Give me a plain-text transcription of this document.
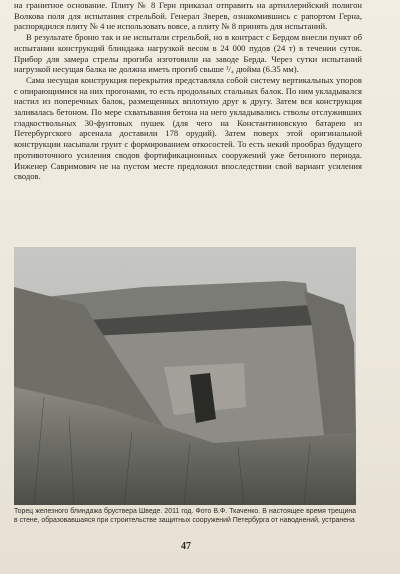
на гранитное основание. Плиту № 8 Герн приказал отправить на артиллерийский полигон Волкова поля для испытания стрельбой. Генерал Зверев, ознакомившись с рапортом Герна, распорядился плиту № 4 не использовать вовсе, а плиту № 8 принять для испытаний.

В результате броню так и не испытали стрельбой, но в контраст с Бердом внесли пункт об испытании конструкций блиндажа нагрузкой весом в 24 000 пудов (24 т) в течении суток. Прибор для замера стрелы прогиба изготовили на заводе Берда. Через сутки испытаний нагрузкой несущая балка не должна иметь прогиб свыше ¹/₄ дюйма (6.35 мм).

Сама несущая конструкция перекрытия представляла собой систему вертикальных упоров с опирающимися на них прогонами, то есть продольных стальных балок. По ним укладывался настил из поперечных балок, размещенных вплотную друг к другу. Затем вся конструкция заливалась бетоном. По мере схватывания бетона на него укладывались стволы отслуживших гладкоствольных 30-фунтовых пушек (для чего на Константиновскую батарею из Петербургского арсенала доставили 178 орудий). Затем поверх этой оригинальной конструкции насыпали грунт с формированием откосостей. То есть некий прообраз будущего противоточного усиления сводов фортификационных сооружений уже бетонного периода. Инженер Савримович не на пустом месте предложил впоследствии свой вариант усиления сводов.

Торец железного блиндажа брустверa Шведе. 2011 год. Фото В.Ф. Ткаченко. В настоящее время трещина в стене, образовавшаяся при строительстве защитных сооружений Петербурга от наводнений, устранена
47
